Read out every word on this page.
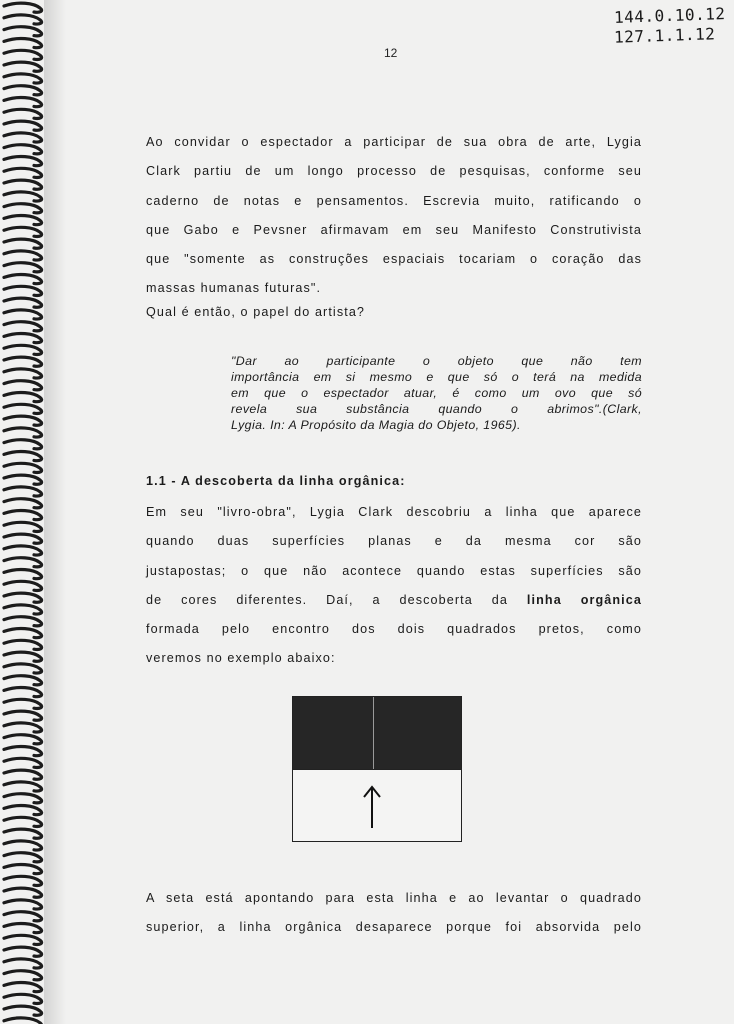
144.0.10.12
127.1.1.12
12
Ao convidar o espectador a participar de sua obra de arte, Lygia
Clark partiu de um longo processo de pesquisas, conforme seu
caderno de notas e pensamentos. Escrevia muito, ratificando o
que Gabo e Pevsner afirmavam em seu Manifesto Construtivista
que "somente as construções espaciais tocariam o coração das
massas humanas futuras".
Qual é então, o papel do artista?
"Dar ao participante o objeto que não tem
importância em si mesmo e que só o terá na medida
em que o espectador atuar, é como um ovo que só
revela sua substância quando o abrimos".(Clark,
Lygia. In: A Propósito da Magia do Objeto, 1965).
1.1 - A descoberta da linha orgânica:
Em seu "livro-obra", Lygia Clark descobriu a linha que aparece
quando duas superfícies planas e da mesma cor são
justapostas; o que não acontece quando estas superfícies são
de cores diferentes. Daí, a descoberta da linha orgânica
formada pelo encontro dos dois quadrados pretos, como
veremos no exemplo abaixo:
A seta está apontando para esta linha e ao levantar o quadrado
superior, a linha orgânica desaparece porque foi absorvida pelo
